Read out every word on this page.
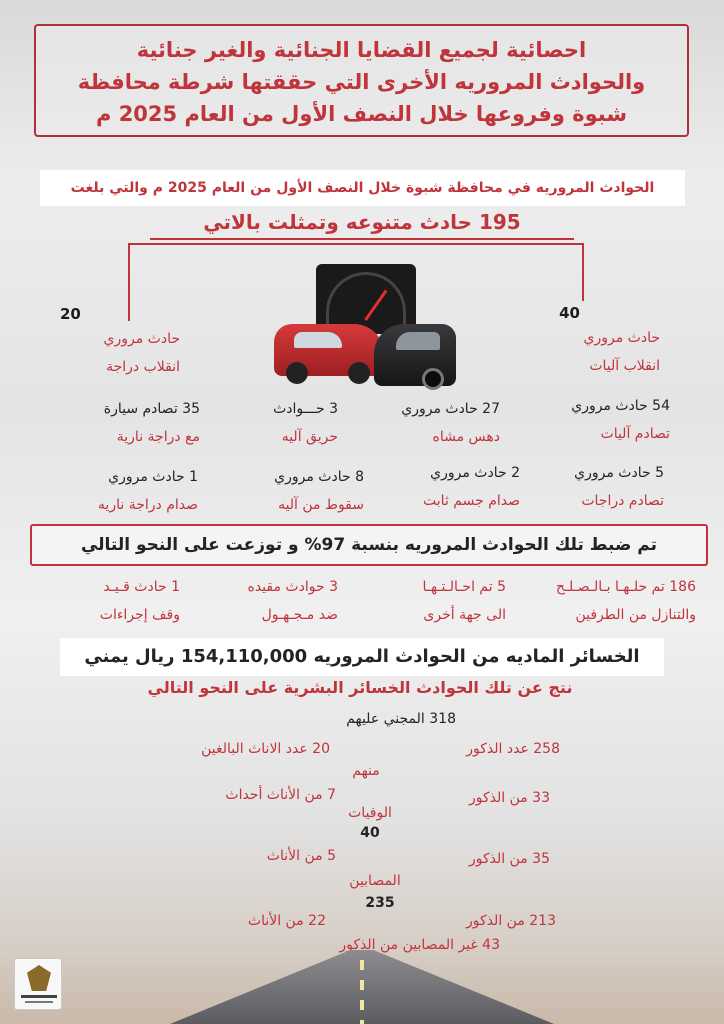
احصائية لجميع القضايا الجنائية والغير جنائية
والحوادث المروريه الأخرى التي حققتها شرطة محافظة
شبوة وفروعها خلال النصف الأول من العام 2025 م
الحوادث المروريه في محافظة شبوة خلال النصف الأول من العام 2025 م والتي بلغت
195 حادث متنوعه وتمثلت بالاتي
20
حادث مروري
انقلاب دراجة
40
حادث مروري
انقلاب آليات
35 تصادم سيارة
مع دراجة نارية
3 حـــوادث
حريق آليه
27 حادث مروري
دهس مشاه
54 حادث مروري
تصادم آليات
1 حادث مروري
صدام دراجة ناريه
8 حادث مروري
سقوط من آليه
2 حادث مروري
صدام جسم ثابت
5 حادث مروري
تصادم دراجات
تم ضبط تلك الحوادث المروريه بنسبة 97% و توزعت على النحو التالي
1 حادث قـيـد
وقف إجراءات
3 حوادث مقيده
ضد مـجـهـول
5 تم احـالـتـهـا
الى جهة أخرى
186 تم حلـهـا بـالـصـلـح
والتنازل من الطرفين
الخسائر الماديه من الحوادث المروريه 154,110,000 ريال يمني
نتج عن تلك الحوادث الخسائر البشرية على النحو التالي
318 المجني عليهم
258 عدد الذكور
20 عدد الاناث البالغين
منهم
33 من الذكور
7 من الأناث أحداث
الوفيات
40
5 من الأناث	35 من الذكور
المصابين
235
22 من الأناث	213 من الذكور
43 غير المصابين من الذكور
